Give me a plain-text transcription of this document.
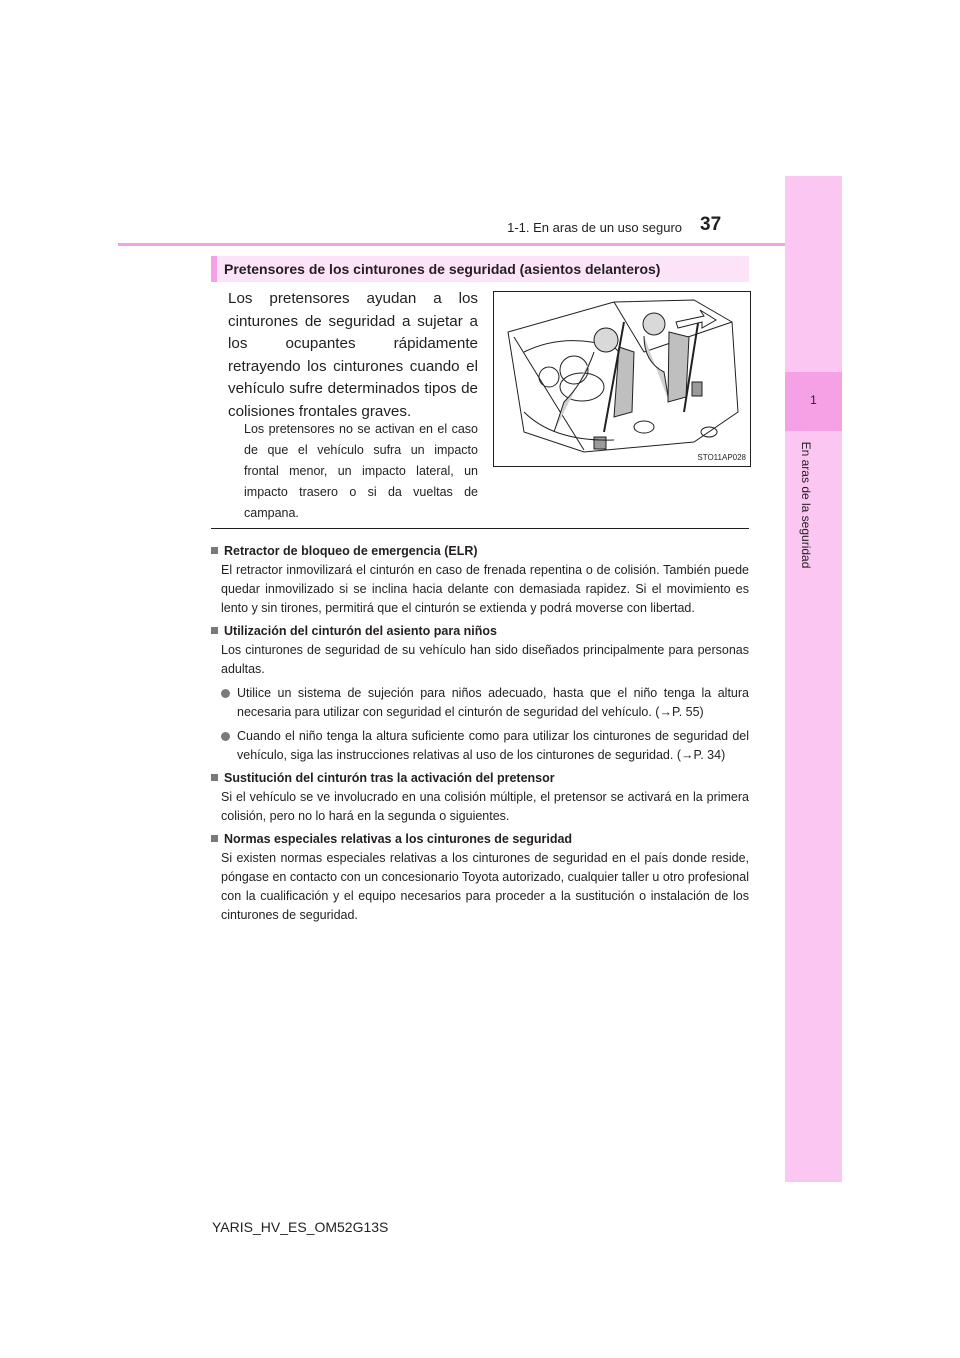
1
En aras de la seguridad
1-1. En aras de un uso seguro 37
Pretensores de los cinturones de seguridad (asientos delanteros)
Los pretensores ayudan a los cinturones de seguridad a sujetar a los ocupantes rápidamente retrayendo los cinturones cuando el vehículo sufre determinados tipos de colisiones frontales graves.
Los pretensores no se activan en el caso de que el vehículo sufra un impacto frontal menor, un impacto lateral, un impacto trasero o si da vueltas de campana.
STO11AP028
Retractor de bloqueo de emergencia (ELR)
El retractor inmovilizará el cinturón en caso de frenada repentina o de colisión. También puede quedar inmovilizado si se inclina hacia delante con demasiada rapidez. Si el movimiento es lento y sin tirones, permitirá que el cinturón se extienda y podrá moverse con libertad.
Utilización del cinturón del asiento para niños
Los cinturones de seguridad de su vehículo han sido diseñados principalmente para personas adultas.
Utilice un sistema de sujeción para niños adecuado, hasta que el niño tenga la altura necesaria para utilizar con seguridad el cinturón de seguridad del vehículo. (→P. 55)
Cuando el niño tenga la altura suficiente como para utilizar los cinturones de seguridad del vehículo, siga las instrucciones relativas al uso de los cinturones de seguridad. (→P. 34)
Sustitución del cinturón tras la activación del pretensor
Si el vehículo se ve involucrado en una colisión múltiple, el pretensor se activará en la primera colisión, pero no lo hará en la segunda o siguientes.
Normas especiales relativas a los cinturones de seguridad
Si existen normas especiales relativas a los cinturones de seguridad en el país donde reside, póngase en contacto con un concesionario Toyota autorizado, cualquier taller u otro profesional con la cualificación y el equipo necesarios para proceder a la sustitución o instalación de los cinturones de seguridad.
YARIS_HV_ES_OM52G13S
